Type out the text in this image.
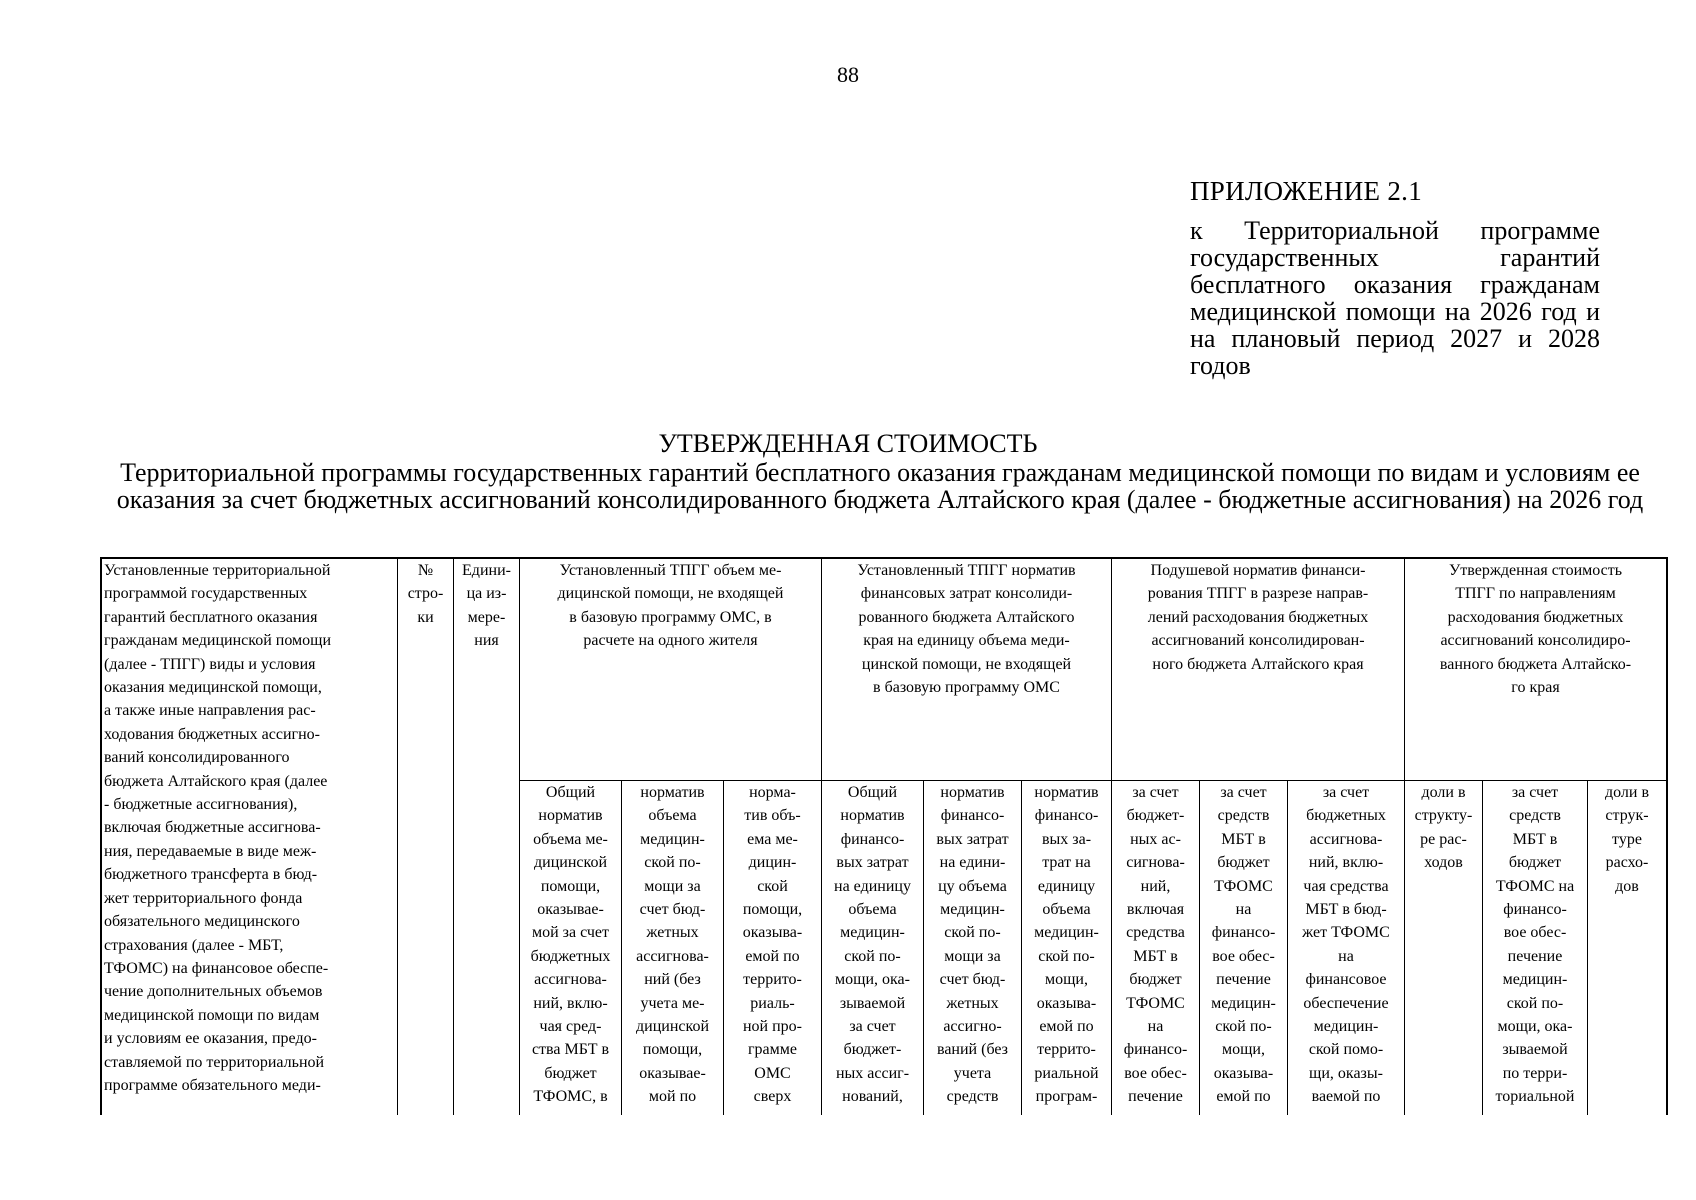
88
ПРИЛОЖЕНИЕ 2.1
к Территориальной программе государственных гарантий бесплатного оказания гражданам медицинской помощи на 2026 год и на плановый период 2027 и 2028 годов
УТВЕРЖДЕННАЯ СТОИМОСТЬ
Территориальной программы государственных гарантий бесплатного оказания гражданам медицинской помощи по видам и условиям ее оказания за счет бюджетных ассигнований консолидированного бюджета Алтайского края (далее - бюджетные ассигнования) на 2026 год
Установленные территориальной
программой государственных
гарантий бесплатного оказания
гражданам медицинской помощи
(далее - ТПГГ) виды и условия
оказания медицинской помощи,
а также иные направления рас-
ходования бюджетных ассигно-
ваний консолидированного
бюджета Алтайского края (далее
- бюджетные ассигнования),
включая бюджетные ассигнова-
ния, передаваемые в виде меж-
бюджетного трансферта в бюд-
жет территориального фонда
обязательного медицинского
страхования (далее - МБТ,
ТФОМС) на финансовое обеспе-
чение дополнительных объемов
медицинской помощи по видам
и условиям ее оказания, предо-
ставляемой по территориальной
программе обязательного меди-
№
стро-
ки
Едини-
ца из-
мере-
ния
Установленный ТПГГ объем ме-
дицинской помощи, не входящей
в базовую программу ОМС, в
расчете на одного жителя
Установленный ТПГГ норматив
финансовых затрат консолиди-
рованного бюджета Алтайского
края на единицу объема меди-
цинской помощи, не входящей
в базовую программу ОМС
Подушевой норматив финанси-
рования ТПГГ в разрезе направ-
лений расходования бюджетных
ассигнований консолидирован-
ного бюджета Алтайского края
Утвержденная стоимость
ТПГГ по направлениям
расходования бюджетных
ассигнований консолидиро-
ванного бюджета Алтайско-
го края
Общий
норматив
объема ме-
дицинской
помощи,
оказывае-
мой за счет
бюджетных
ассигнова-
ний, вклю-
чая сред-
ства МБТ в
бюджет
ТФОМС, в
норматив
объема
медицин-
ской по-
мощи за
счет бюд-
жетных
ассигнова-
ний (без
учета ме-
дицинской
помощи,
оказывае-
мой по
норма-
тив объ-
ема ме-
дицин-
ской
помощи,
оказыва-
емой по
террито-
риаль-
ной про-
грамме
ОМС
сверх
Общий
норматив
финансо-
вых затрат
на единицу
объема
медицин-
ской по-
мощи, ока-
зываемой
за счет
бюджет-
ных ассиг-
нований,
норматив
финансо-
вых затрат
на едини-
цу объема
медицин-
ской по-
мощи за
счет бюд-
жетных
ассигно-
ваний (без
учета
средств
норматив
финансо-
вых за-
трат на
единицу
объема
медицин-
ской по-
мощи,
оказыва-
емой по
террито-
риальной
програм-
за счет
бюджет-
ных ас-
сигнова-
ний,
включая
средства
МБТ в
бюджет
ТФОМС
на
финансо-
вое обес-
печение
за счет
средств
МБТ в
бюджет
ТФОМС
на
финансо-
вое обес-
печение
медицин-
ской по-
мощи,
оказыва-
емой по
за счет
бюджетных
ассигнова-
ний, вклю-
чая средства
МБТ в бюд-
жет ТФОМС
на
финансовое
обеспечение
медицин-
ской помо-
щи, оказы-
ваемой по
доли в
структу-
ре рас-
ходов
за счет
средств
МБТ в
бюджет
ТФОМС на
финансо-
вое обес-
печение
медицин-
ской по-
мощи, ока-
зываемой
по терри-
ториальной
доли в
струк-
туре
расхо-
дов
